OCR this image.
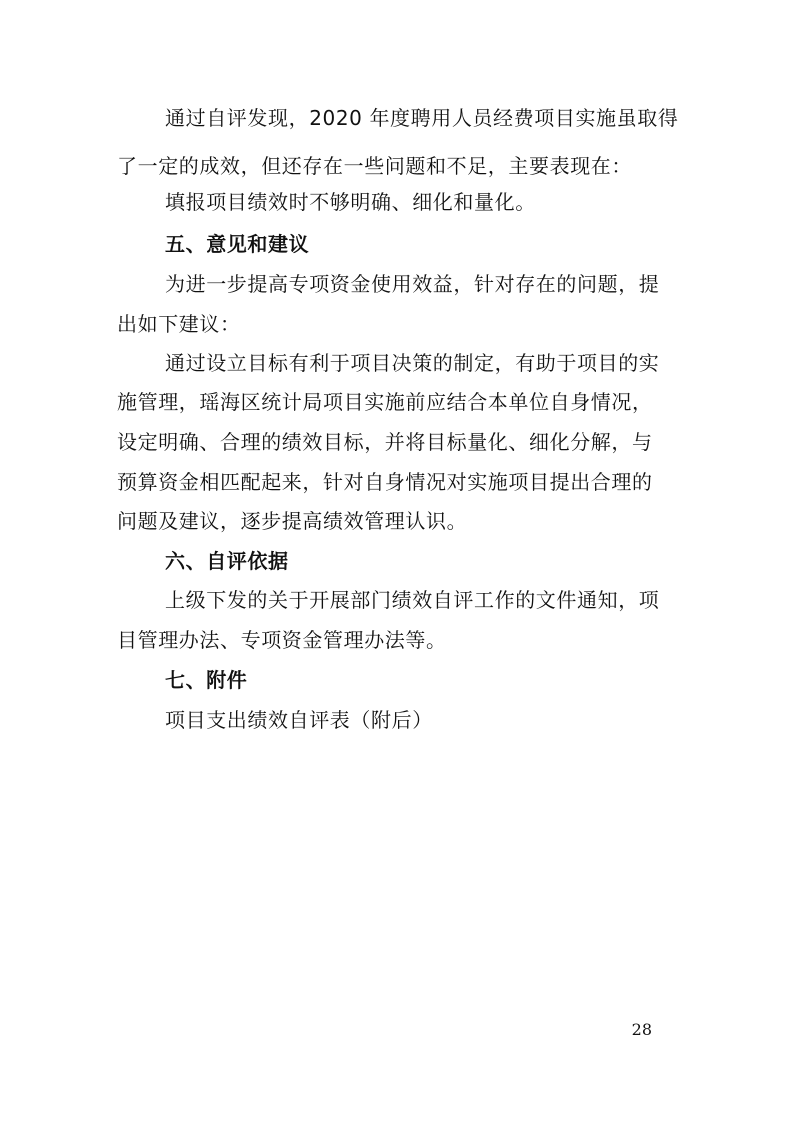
通过自评发现，2020 年度聘用人员经费项目实施虽取得
了一定的成效，但还存在一些问题和不足，主要表现在：
填报项目绩效时不够明确、细化和量化。
五、意见和建议
为进一步提高专项资金使用效益，针对存在的问题，提
出如下建议：
通过设立目标有利于项目决策的制定，有助于项目的实
施管理，瑶海区统计局项目实施前应结合本单位自身情况，
设定明确、合理的绩效目标，并将目标量化、细化分解，与
预算资金相匹配起来，针对自身情况对实施项目提出合理的
问题及建议，逐步提高绩效管理认识。
六、自评依据
上级下发的关于开展部门绩效自评工作的文件通知，项
目管理办法、专项资金管理办法等。
七、附件
项目支出绩效自评表（附后）
28
